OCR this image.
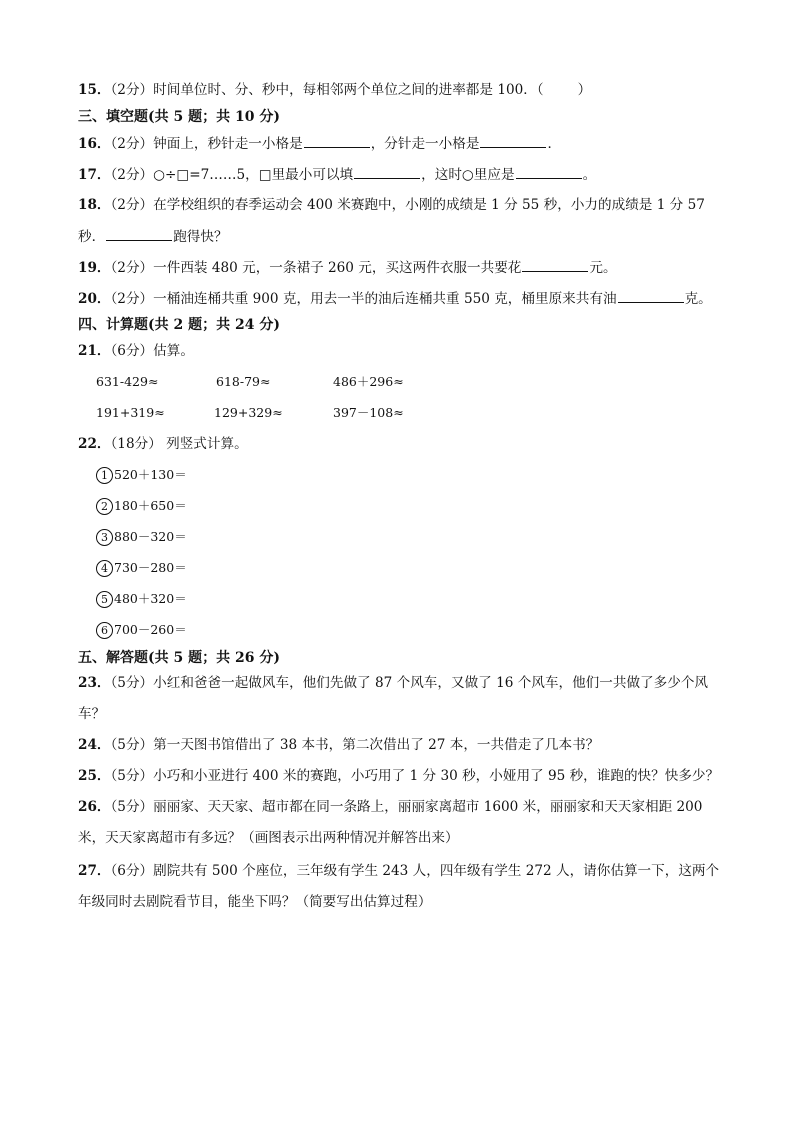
15．（2分）时间单位时、分、秒中，每相邻两个单位之间的进率都是 100．（	）
三、填空题(共 5 题；共 10 分)
16．（2分）钟面上，秒针走一小格是	，分针走一小格是	．
17．（2分）○÷□=7……5，□里最小可以填	，这时○里应是	。
18．（2分）在学校组织的春季运动会 400 米赛跑中，小刚的成绩是 1 分 55 秒，小力的成绩是 1 分 57
秒．	跑得快？
19．（2分）一件西装 480 元，一条裙子 260 元，买这两件衣服一共要花	元。
20．（2分）一桶油连桶共重 900 克，用去一半的油后连桶共重 550 克，桶里原来共有油	克。
四、计算题(共 2 题；共 24 分)
21．（6分）估算。
631-429≈	618-79≈	486＋296≈
191+319≈	129+329≈	397－108≈
22．（18分） 列竖式计算。
1 520＋130＝
2 180＋650＝
3 880－320＝
4 730－280＝
5 480＋320＝
6 700－260＝
五、解答题(共 5 题；共 26 分)
23．（5分）小红和爸爸一起做风车，他们先做了 87 个风车，又做了 16 个风车，他们一共做了多少个风
车？
24．（5分）第一天图书馆借出了 38 本书，第二次借出了 27 本，一共借走了几本书？
25．（5分）小巧和小亚进行 400 米的赛跑，小巧用了 1 分 30 秒，小娅用了 95 秒，谁跑的快？快多少？
26．（5分）丽丽家、天天家、超市都在同一条路上，丽丽家离超市 1600 米，丽丽家和天天家相距 200
米，天天家离超市有多远？（画图表示出两种情况并解答出来）
27．（6分）剧院共有 500 个座位，三年级有学生 243 人，四年级有学生 272 人，请你估算一下，这两个
年级同时去剧院看节目，能坐下吗？（简要写出估算过程）
